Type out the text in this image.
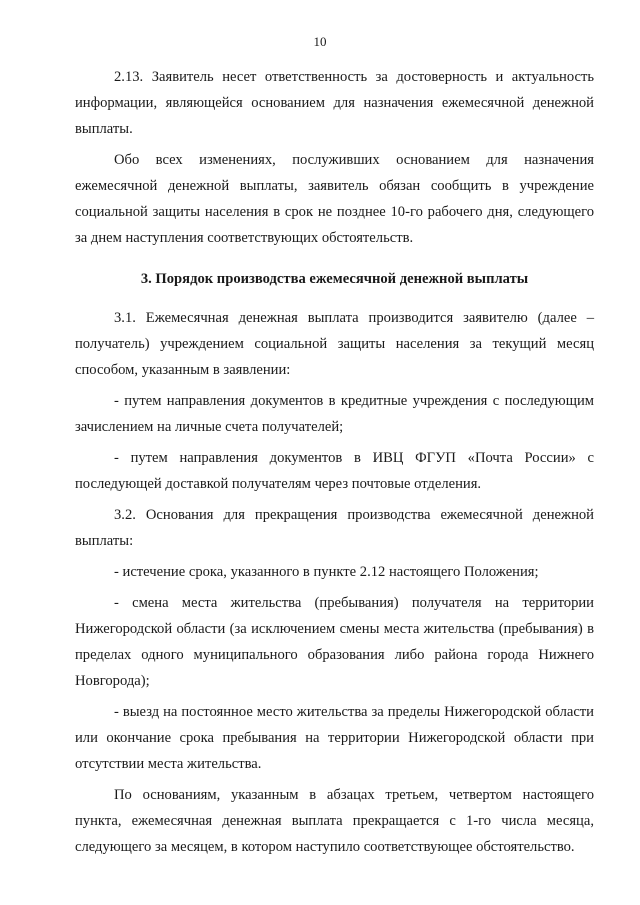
10

2.13. Заявитель несет ответственность за достоверность и актуальность информации, являющейся основанием для назначения ежемесячной денежной выплаты.

Обо всех изменениях, послуживших основанием для назначения ежемесячной денежной выплаты, заявитель обязан сообщить в учреждение социальной защиты населения в срок не позднее 10-го рабочего дня, следующего за днем наступления соответствующих обстоятельств.

3. Порядок производства ежемесячной денежной выплаты

3.1. Ежемесячная денежная выплата производится заявителю (далее – получатель) учреждением социальной защиты населения за текущий месяц способом, указанным в заявлении:

- путем направления документов в кредитные учреждения с последующим зачислением на личные счета получателей;

- путем направления документов в ИВЦ ФГУП «Почта России» с последующей доставкой получателям через почтовые отделения.

3.2. Основания для прекращения производства ежемесячной денежной выплаты:

- истечение срока, указанного в пункте 2.12 настоящего Положения;

- смена места жительства (пребывания) получателя на территории Нижегородской области (за исключением смены места жительства (пребывания) в пределах одного муниципального образования либо района города Нижнего Новгорода);

- выезд на постоянное место жительства за пределы Нижегородской области или окончание срока пребывания на территории Нижегородской области при отсутствии места жительства.

По основаниям, указанным в абзацах третьем, четвертом настоящего пункта, ежемесячная денежная выплата прекращается с 1-го числа месяца, следующего за месяцем, в котором наступило соответствующее обстоятельство.
